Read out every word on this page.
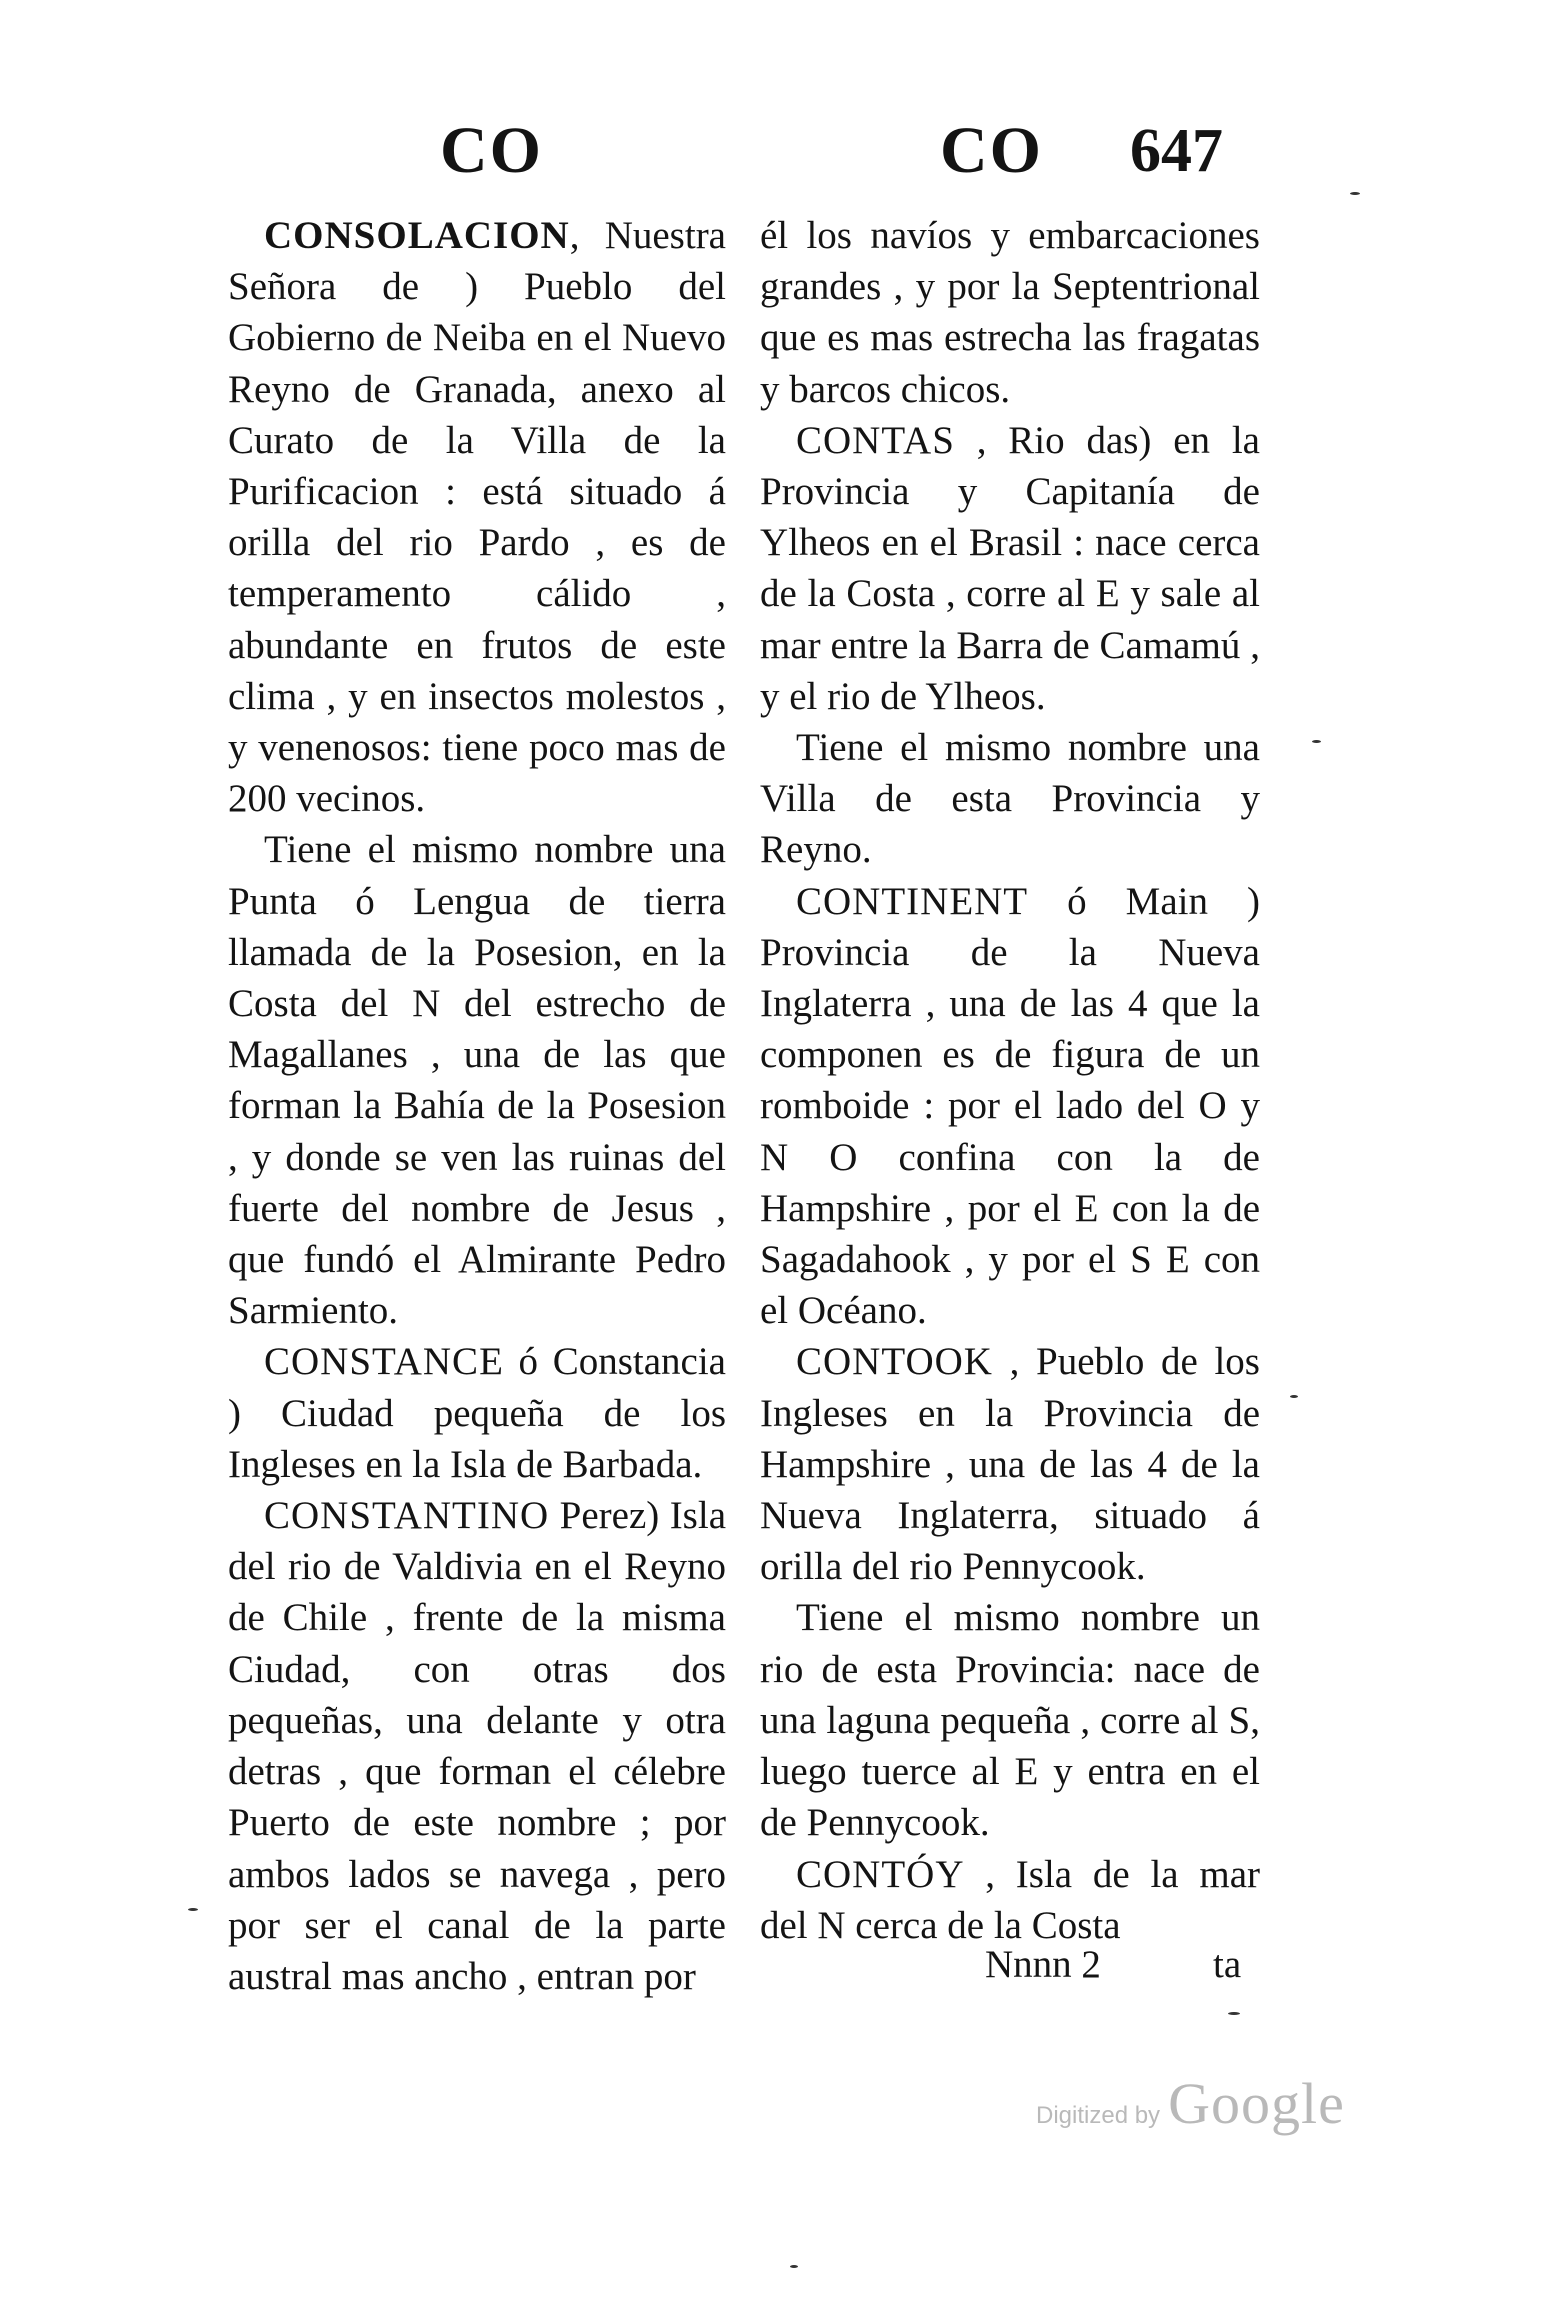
CO	CO 647

CONSOLACION, Nuestra Señora de ) Pueblo del Gobierno de Neiba en el Nuevo Reyno de Granada, anexo al Curato de la Villa de la Purificacion : está situado á orilla del rio Pardo , es de temperamento cálido , abundante en frutos de este clima , y en insectos molestos , y venenosos: tiene poco mas de 200 vecinos.

Tiene el mismo nombre una Punta ó Lengua de tierra llamada de la Posesion, en la Costa del N del estrecho de Magallanes , una de las que forman la Bahía de la Posesion , y donde se ven las ruinas del fuerte del nombre de Jesus , que fundó el Almirante Pedro Sarmiento.

CONSTANCE ó Constancia ) Ciudad pequeña de los Ingleses en la Isla de Barbada.

CONSTANTINO Perez) Isla del rio de Valdivia en el Reyno de Chile , frente de la misma Ciudad, con otras dos pequeñas, una delante y otra detras , que forman el célebre Puerto de este nombre ; por ambos lados se navega , pero por ser el canal de la parte austral mas ancho , entran por

él los navíos y embarcaciones grandes , y por la Septentrional que es mas estrecha las fragatas y barcos chicos.

CONTAS , Rio das) en la Provincia y Capitanía de Ylheos en el Brasil : nace cerca de la Costa , corre al E y sale al mar entre la Barra de Camamú , y el rio de Ylheos.

Tiene el mismo nombre una Villa de esta Provincia y Reyno.

CONTINENT ó Main ) Provincia de la Nueva Inglaterra , una de las 4 que la componen es de figura de un romboide : por el lado del O y N O confina con la de Hampshire , por el E con la de Sagadahook , y por el S E con el Océano.

CONTOOK , Pueblo de los Ingleses en la Provincia de Hampshire , una de las 4 de la Nueva Inglaterra, situado á orilla del rio Pennycook.

Tiene el mismo nombre un rio de esta Provincia: nace de una laguna pequeña , corre al S, luego tuerce al E y entra en el de Pennycook.

CONTÓY , Isla de la mar del N cerca de la Costa

Nnnn 2	ta
Digitized by Google
